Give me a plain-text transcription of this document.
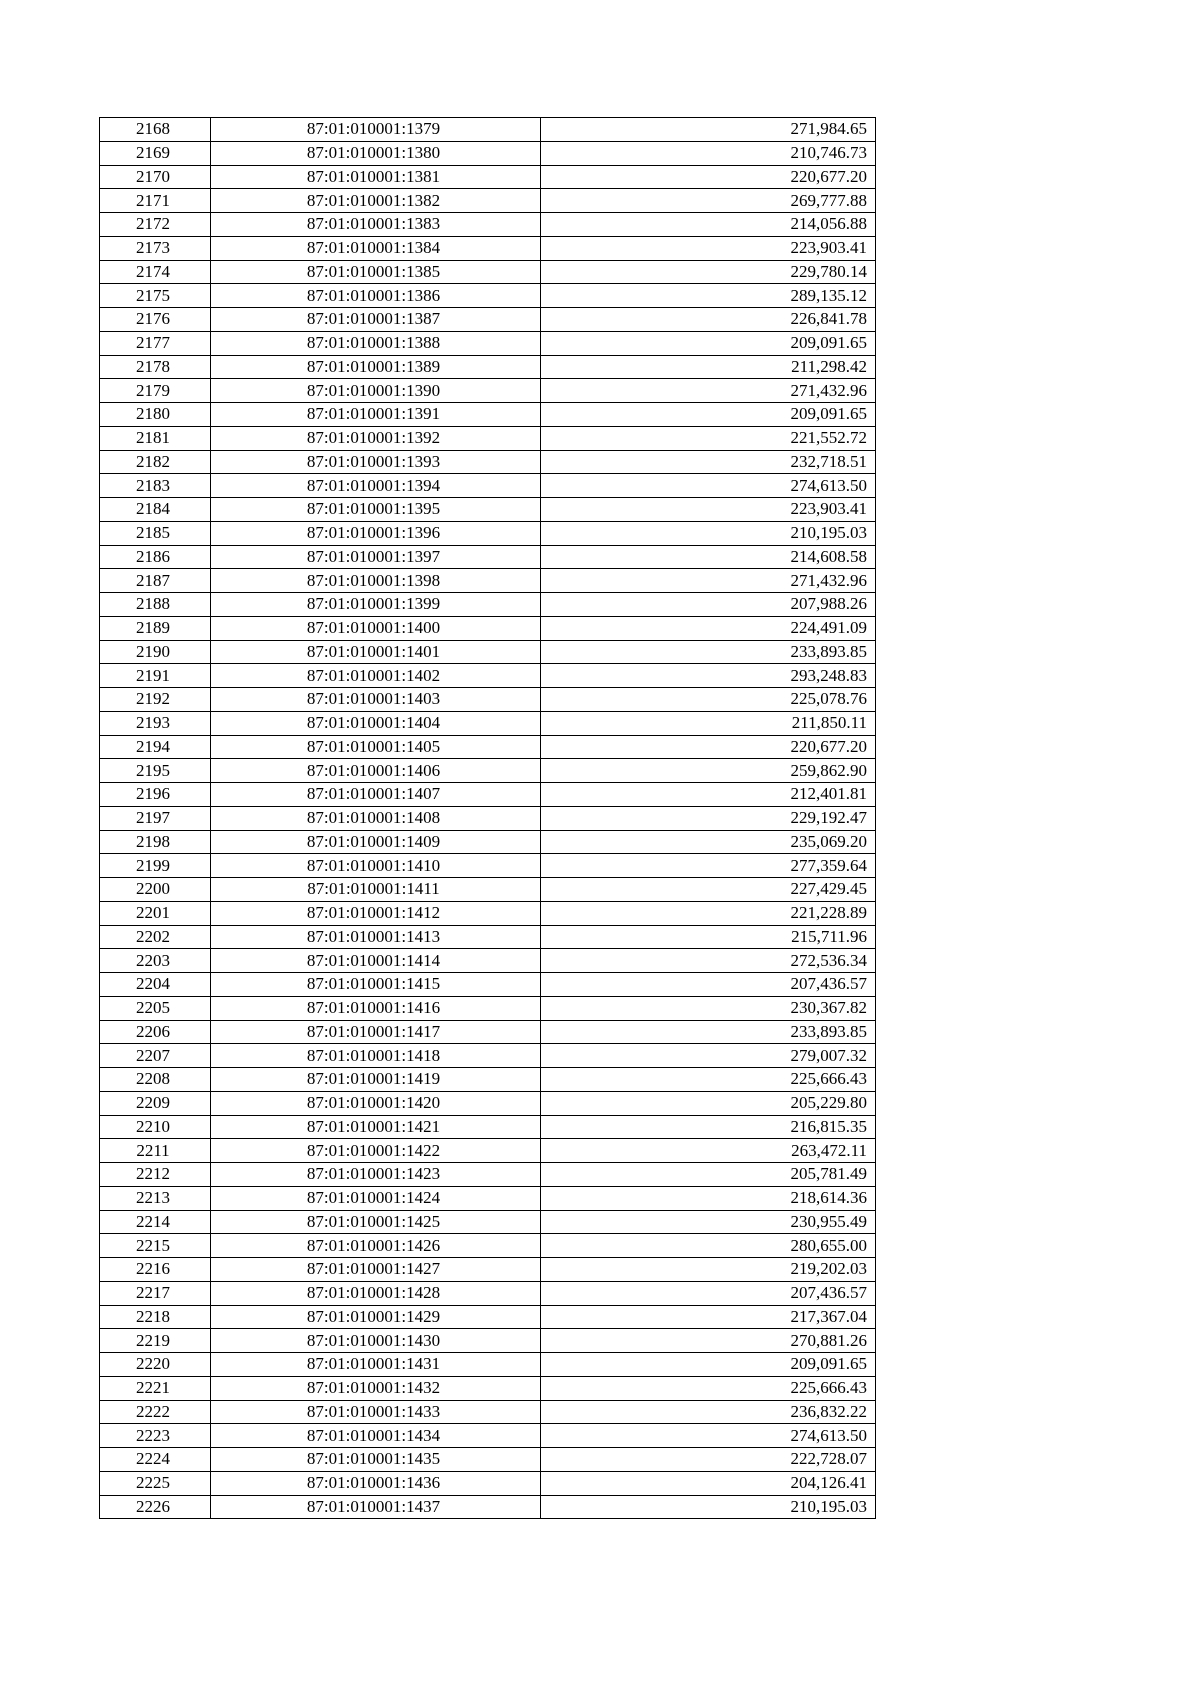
2168	87:01:010001:1379	271,984.65
2169	87:01:010001:1380	210,746.73
2170	87:01:010001:1381	220,677.20
2171	87:01:010001:1382	269,777.88
2172	87:01:010001:1383	214,056.88
2173	87:01:010001:1384	223,903.41
2174	87:01:010001:1385	229,780.14
2175	87:01:010001:1386	289,135.12
2176	87:01:010001:1387	226,841.78
2177	87:01:010001:1388	209,091.65
2178	87:01:010001:1389	211,298.42
2179	87:01:010001:1390	271,432.96
2180	87:01:010001:1391	209,091.65
2181	87:01:010001:1392	221,552.72
2182	87:01:010001:1393	232,718.51
2183	87:01:010001:1394	274,613.50
2184	87:01:010001:1395	223,903.41
2185	87:01:010001:1396	210,195.03
2186	87:01:010001:1397	214,608.58
2187	87:01:010001:1398	271,432.96
2188	87:01:010001:1399	207,988.26
2189	87:01:010001:1400	224,491.09
2190	87:01:010001:1401	233,893.85
2191	87:01:010001:1402	293,248.83
2192	87:01:010001:1403	225,078.76
2193	87:01:010001:1404	211,850.11
2194	87:01:010001:1405	220,677.20
2195	87:01:010001:1406	259,862.90
2196	87:01:010001:1407	212,401.81
2197	87:01:010001:1408	229,192.47
2198	87:01:010001:1409	235,069.20
2199	87:01:010001:1410	277,359.64
2200	87:01:010001:1411	227,429.45
2201	87:01:010001:1412	221,228.89
2202	87:01:010001:1413	215,711.96
2203	87:01:010001:1414	272,536.34
2204	87:01:010001:1415	207,436.57
2205	87:01:010001:1416	230,367.82
2206	87:01:010001:1417	233,893.85
2207	87:01:010001:1418	279,007.32
2208	87:01:010001:1419	225,666.43
2209	87:01:010001:1420	205,229.80
2210	87:01:010001:1421	216,815.35
2211	87:01:010001:1422	263,472.11
2212	87:01:010001:1423	205,781.49
2213	87:01:010001:1424	218,614.36
2214	87:01:010001:1425	230,955.49
2215	87:01:010001:1426	280,655.00
2216	87:01:010001:1427	219,202.03
2217	87:01:010001:1428	207,436.57
2218	87:01:010001:1429	217,367.04
2219	87:01:010001:1430	270,881.26
2220	87:01:010001:1431	209,091.65
2221	87:01:010001:1432	225,666.43
2222	87:01:010001:1433	236,832.22
2223	87:01:010001:1434	274,613.50
2224	87:01:010001:1435	222,728.07
2225	87:01:010001:1436	204,126.41
2226	87:01:010001:1437	210,195.03
